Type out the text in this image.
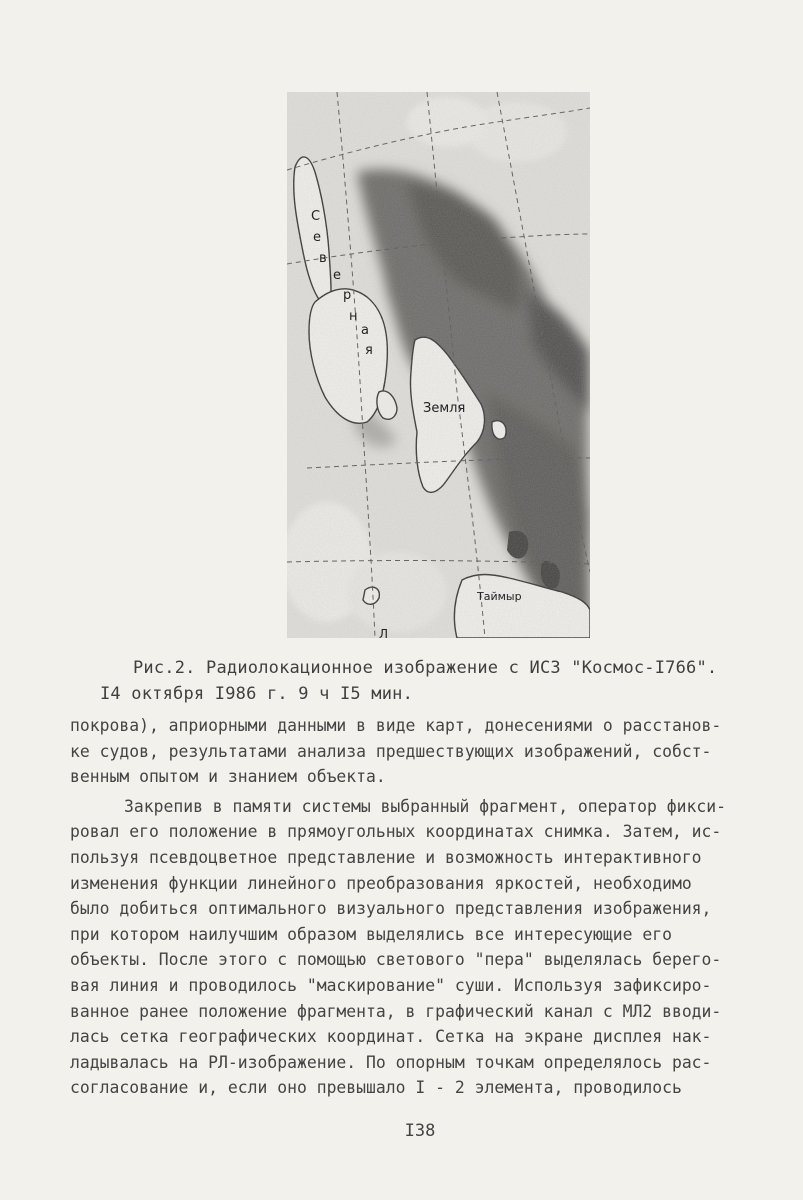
С
е
в
е
р
н
а
я
Земля
Таймыр
Л
Рис.2. Радиолокационное изображение с ИСЗ "Космос-I766".
I4 октября I986 г. 9 ч I5 мин.
покрова), априорными данными в виде карт, донесениями о расстанов-
ке судов, результатами анализа предшествующих изображений, собст-
венным опытом и знанием объекта.
Закрепив в памяти системы выбранный фрагмент, оператор фикси-
ровал его положение в прямоугольных координатах снимка. Затем, ис-
пользуя псевдоцветное представление и возможность интерактивного
изменения функции линейного преобразования яркостей, необходимо
было добиться оптимального визуального представления изображения,
при котором наилучшим образом выделялись все интересующие его
объекты. После этого с помощью светового "пера" выделялась берего-
вая линия и проводилось "маскирование" суши. Используя зафиксиро-
ванное ранее положение фрагмента, в графический канал с МЛ2 вводи-
лась сетка географических координат. Сетка на экране дисплея нак-
ладывалась на РЛ-изображение. По опорным точкам определялось рас-
согласование и, если оно превышало I - 2 элемента, проводилось
I38
